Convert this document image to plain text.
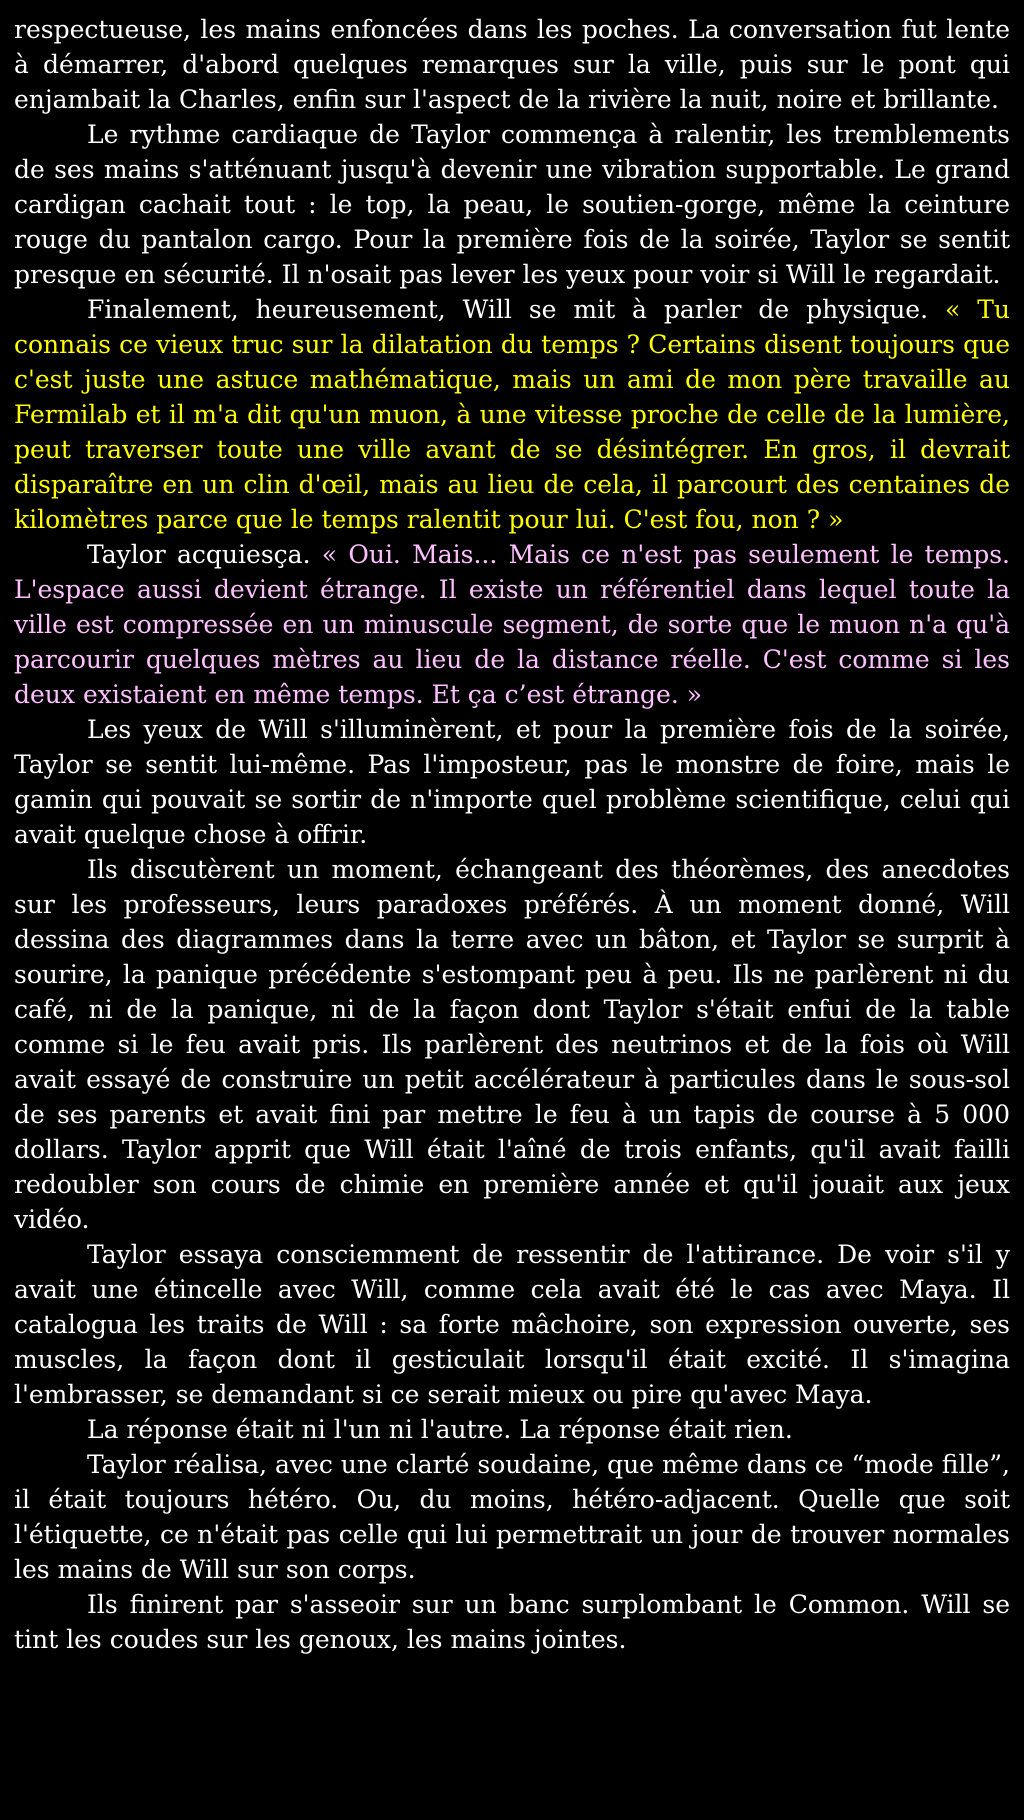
respectueuse, les mains enfoncées dans les poches. La conversation fut lente à démarrer, d'abord quelques remarques sur la ville, puis sur le pont qui enjambait la Charles, enfin sur l'aspect de la rivière la nuit, noire et brillante.

Le rythme cardiaque de Taylor commença à ralentir, les tremblements de ses mains s'atténuant jusqu'à devenir une vibration supportable. Le grand cardigan cachait tout : le top, la peau, le soutien-gorge, même la ceinture rouge du pantalon cargo. Pour la première fois de la soirée, Taylor se sentit presque en sécurité. Il n'osait pas lever les yeux pour voir si Will le regardait.

Finalement, heureusement, Will se mit à parler de physique. « Tu connais ce vieux truc sur la dilatation du temps ? Certains disent toujours que c'est juste une astuce mathématique, mais un ami de mon père travaille au Fermilab et il m'a dit qu'un muon, à une vitesse proche de celle de la lumière, peut traverser toute une ville avant de se désintégrer. En gros, il devrait disparaître en un clin d'œil, mais au lieu de cela, il parcourt des centaines de kilomètres parce que le temps ralentit pour lui. C'est fou, non ? »

Taylor acquiesça. « Oui. Mais... Mais ce n'est pas seulement le temps. L'espace aussi devient étrange. Il existe un référentiel dans lequel toute la ville est compressée en un minuscule segment, de sorte que le muon n'a qu'à parcourir quelques mètres au lieu de la distance réelle. C'est comme si les deux existaient en même temps. Et ça c’est étrange. »

Les yeux de Will s'illuminèrent, et pour la première fois de la soirée, Taylor se sentit lui-même. Pas l'imposteur, pas le monstre de foire, mais le gamin qui pouvait se sortir de n'importe quel problème scientifique, celui qui avait quelque chose à offrir.

Ils discutèrent un moment, échangeant des théorèmes, des anecdotes sur les professeurs, leurs paradoxes préférés. À un moment donné, Will dessina des diagrammes dans la terre avec un bâton, et Taylor se surprit à sourire, la panique précédente s'estompant peu à peu. Ils ne parlèrent ni du café, ni de la panique, ni de la façon dont Taylor s'était enfui de la table comme si le feu avait pris. Ils parlèrent des neutrinos et de la fois où Will avait essayé de construire un petit accélérateur à particules dans le sous-sol de ses parents et avait fini par mettre le feu à un tapis de course à 5 000 dollars. Taylor apprit que Will était l'aîné de trois enfants, qu'il avait failli redoubler son cours de chimie en première année et qu'il jouait aux jeux vidéo.

Taylor essaya consciemment de ressentir de l'attirance. De voir s'il y avait une étincelle avec Will, comme cela avait été le cas avec Maya. Il catalogua les traits de Will : sa forte mâchoire, son expression ouverte, ses muscles, la façon dont il gesticulait lorsqu'il était excité. Il s'imagina l'embrasser, se demandant si ce serait mieux ou pire qu'avec Maya.

La réponse était ni l'un ni l'autre. La réponse était rien.

Taylor réalisa, avec une clarté soudaine, que même dans ce “mode fille”, il était toujours hétéro. Ou, du moins, hétéro-adjacent. Quelle que soit l'étiquette, ce n'était pas celle qui lui permettrait un jour de trouver normales les mains de Will sur son corps.

Ils finirent par s'asseoir sur un banc surplombant le Common. Will se tint les coudes sur les genoux, les mains jointes.
